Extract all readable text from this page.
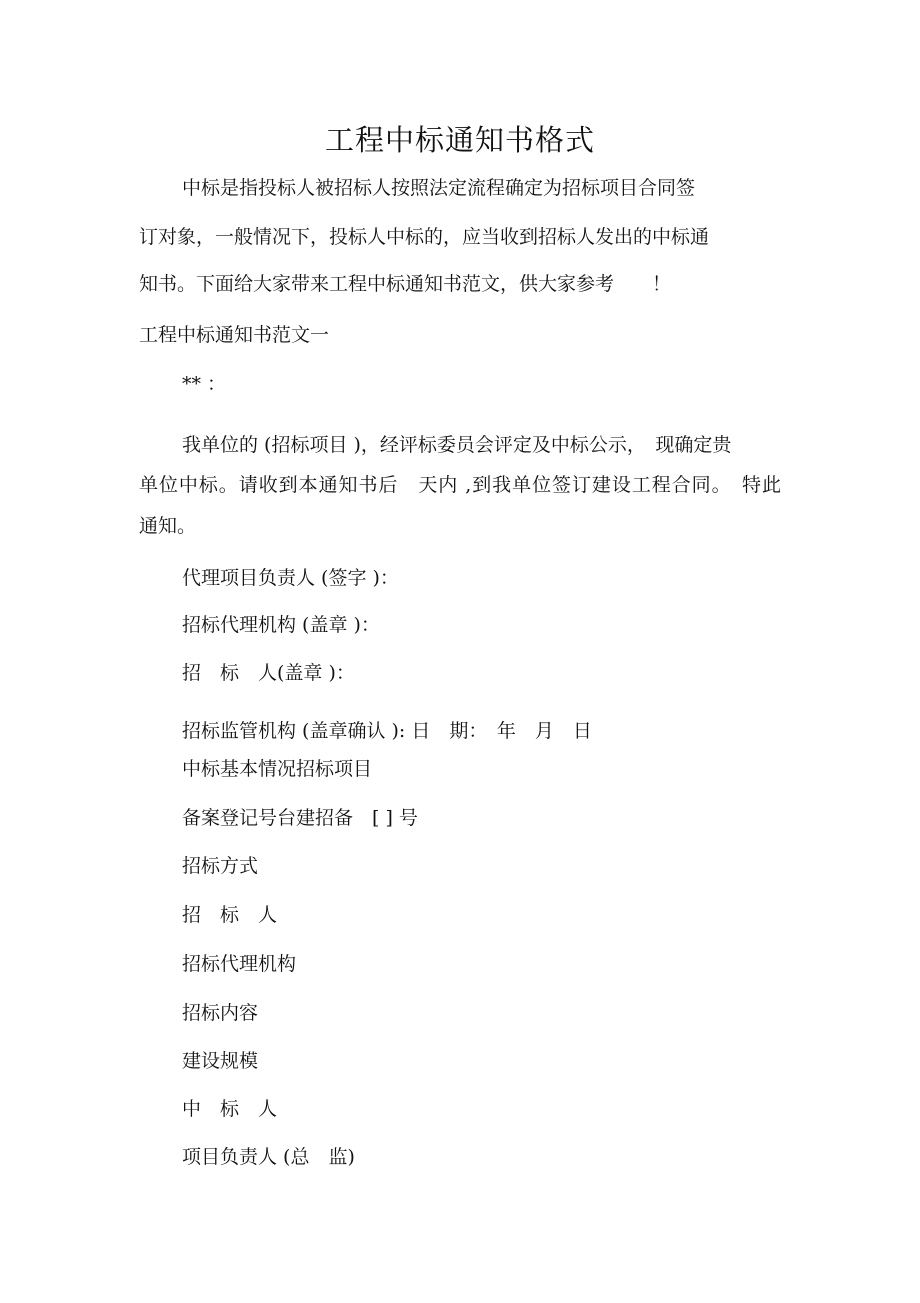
工程中标通知书格式

中标是指投标人被招标人按照法定流程确定为招标项目合同签

订对象，一般情况下，投标人中标的，应当收到招标人发出的中标通

知书。下面给大家带来工程中标通知书范文，供大家参考　　！

工程中标通知书范文一

** ：

我单位的 (招标项目 )，经评标委员会评定及中标公示，　现确定贵

单位中标。请收到本通知书后　天内 ,到我单位签订建设工程合同。　特此

通知。

代理项目负责人 (签字 )：

招标代理机构 (盖章 )：

招　标　人(盖章 )：

招标监管机构 (盖章确认 ): 日　期：　年　月　日

中标基本情况招标项目

备案登记号台建招备　[ ] 号

招标方式

招　标　人

招标代理机构

招标内容

建设规模

中　标　人

项目负责人 (总　监)
